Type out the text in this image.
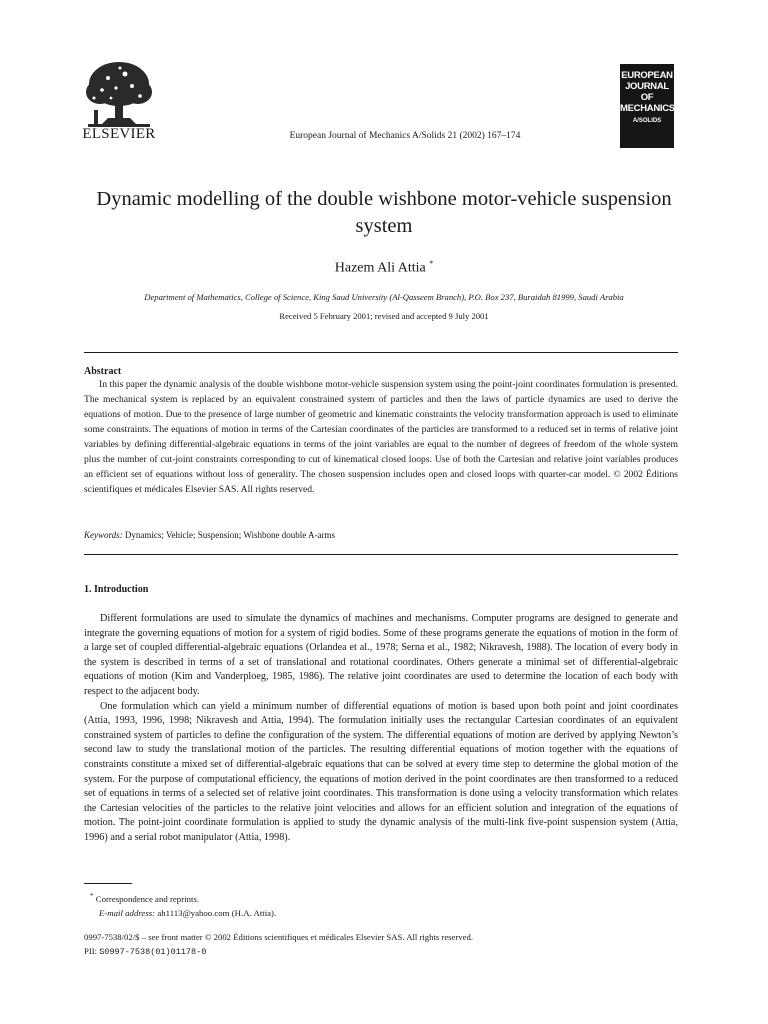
ELSEVIER	European Journal of Mechanics A/Solids 21 (2002) 167–174
EUROPEAN
JOURNAL OF
MECHANICS
A/SOLIDS
Dynamic modelling of the double wishbone motor-vehicle suspension system
Hazem Ali Attia *
Department of Mathematics, College of Science, King Saud University (Al-Qasseem Branch), P.O. Box 237, Buraidah 81999, Saudi Arabia
Received 5 February 2001; revised and accepted 9 July 2001
Abstract
In this paper the dynamic analysis of the double wishbone motor-vehicle suspension system using the point-joint coordinates formulation is presented. The mechanical system is replaced by an equivalent constrained system of particles and then the laws of particle dynamics are used to derive the equations of motion. Due to the presence of large number of geometric and kinematic constraints the velocity transformation approach is used to eliminate some constraints. The equations of motion in terms of the Cartesian coordinates of the particles are transformed to a reduced set in terms of relative joint variables by defining differential-algebraic equations in terms of the joint variables are equal to the number of degrees of freedom of the whole system plus the number of cut-joint constraints corresponding to cut of kinematical closed loops. Use of both the Cartesian and relative joint variables produces an efficient set of equations without loss of generality. The chosen suspension includes open and closed loops with quarter-car model. © 2002 Éditions scientifiques et médicales Elsevier SAS. All rights reserved.
Keywords: Dynamics; Vehicle; Suspension; Wishbone double A-arms
1. Introduction

Different formulations are used to simulate the dynamics of machines and mechanisms. Computer programs are designed to generate and integrate the governing equations of motion for a system of rigid bodies. Some of these programs generate the equations of motion in the form of a large set of coupled differential-algebraic equations (Orlandea et al., 1978; Serna et al., 1982; Nikravesh, 1988). The location of every body in the system is described in terms of a set of translational and rotational coordinates. Others generate a minimal set of differential-algebraic equations of motion (Kim and Vanderploeg, 1985, 1986). The relative joint coordinates are used to determine the location of each body with respect to the adjacent body.

One formulation which can yield a minimum number of differential equations of motion is based upon both point and joint coordinates (Attia, 1993, 1996, 1998; Nikravesh and Attia, 1994). The formulation initially uses the rectangular Cartesian coordinates of an equivalent constrained system of particles to define the configuration of the system. The differential equations of motion are derived by applying Newton’s second law to study the translational motion of the particles. The resulting differential equations of motion together with the equations of constraints constitute a mixed set of differential-algebraic equations that can be solved at every time step to determine the global motion of the system. For the purpose of computational efficiency, the equations of motion derived in the point coordinates are then transformed to a reduced set of equations in terms of a selected set of relative joint coordinates. This transformation is done using a velocity transformation which relates the Cartesian velocities of the particles to the relative joint velocities and allows for an efficient solution and integration of the equations of motion. The point-joint coordinate formulation is applied to study the dynamic analysis of the multi-link five-point suspension system (Attia, 1996) and a serial robot manipulator (Attia, 1998).

* Correspondence and reprints.
E-mail address: ah1113@yahoo.com (H.A. Attia).
0997-7538/02/$ – see front matter © 2002 Éditions scientifiques et médicales Elsevier SAS. All rights reserved.
PII: S0997-7538(01)01178-0
